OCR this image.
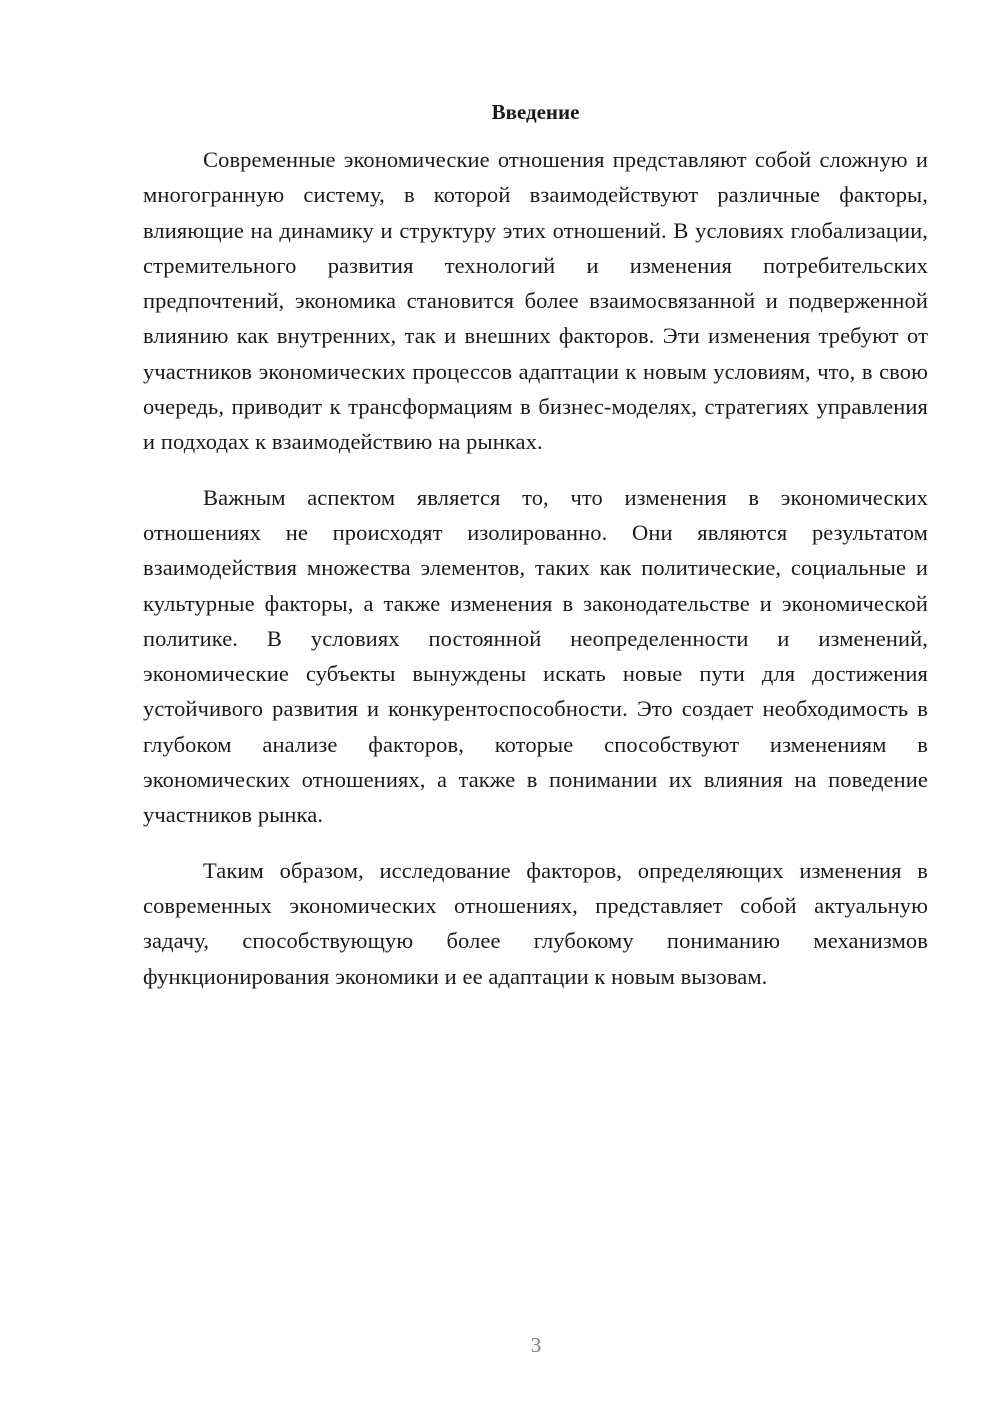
Введение

Современные экономические отношения представляют собой сложную и многогранную систему, в которой взаимодействуют различные факторы, влияющие на динамику и структуру этих отношений. В условиях глобализации, стремительного развития технологий и изменения потребительских предпочтений, экономика становится более взаимосвязанной и подверженной влиянию как внутренних, так и внешних факторов. Эти изменения требуют от участников экономических процессов адаптации к новым условиям, что, в свою очередь, приводит к трансформациям в бизнес-моделях, стратегиях управления и подходах к взаимодействию на рынках.

Важным аспектом является то, что изменения в экономических отношениях не происходят изолированно. Они являются результатом взаимодействия множества элементов, таких как политические, социальные и культурные факторы, а также изменения в законодательстве и экономической политике. В условиях постоянной неопределенности и изменений, экономические субъекты вынуждены искать новые пути для достижения устойчивого развития и конкурентоспособности. Это создает необходимость в глубоком анализе факторов, которые способствуют изменениям в экономических отношениях, а также в понимании их влияния на поведение участников рынка.

Таким образом, исследование факторов, определяющих изменения в современных экономических отношениях, представляет собой актуальную задачу, способствующую более глубокому пониманию механизмов функционирования экономики и ее адаптации к новым вызовам.

3
